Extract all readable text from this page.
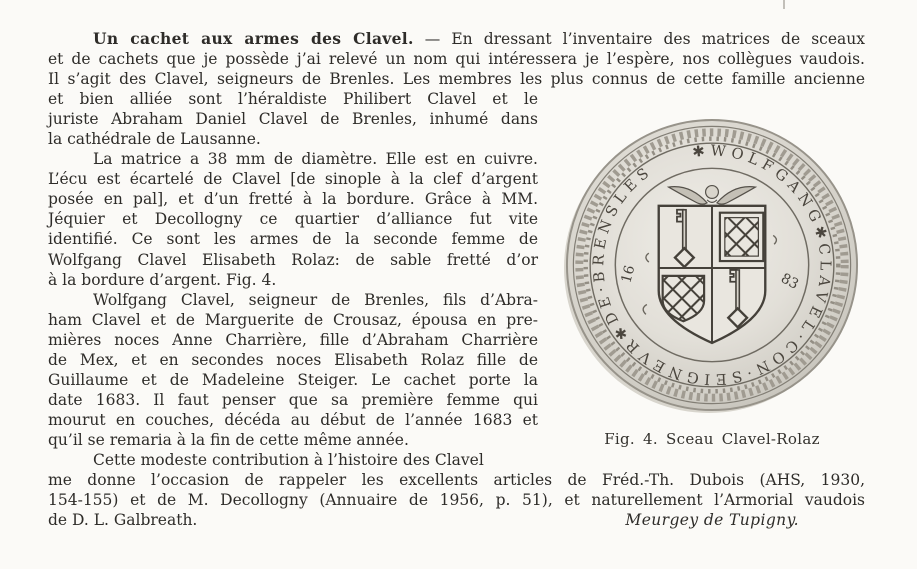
Un cachet aux armes des Clavel. — En dressant l’inventaire des matrices de sceaux
et de cachets que je possède j’ai relevé un nom qui intéressera je l’espère, nos collègues vaudois.
Il s’agit des Clavel, seigneurs de Brenles. Les membres les plus connus de cette famille ancienne
et bien alliée sont l’héraldiste Philibert Clavel et le
juriste Abraham Daniel Clavel de Brenles, inhumé dans
la cathédrale de Lausanne.
La matrice a 38 mm de diamètre. Elle est en cuivre.
L’écu est écartelé de Clavel [de sinople à la clef d’argent
posée en pal], et d’un fretté à la bordure. Grâce à MM.
Jéquier et Decollogny ce quartier d’alliance fut vite
identifié. Ce sont les armes de la seconde femme de
Wolfgang Clavel Elisabeth Rolaz: de sable fretté d’or
à la bordure d’argent. Fig. 4.
Wolfgang Clavel, seigneur de Brenles, fils d’Abra-
ham Clavel et de Marguerite de Crousaz, épousa en pre-
mières noces Anne Charrière, fille d’Abraham Charrière
de Mex, et en secondes noces Elisabeth Rolaz fille de
Guillaume et de Madeleine Steiger. Le cachet porte la
date 1683. Il faut penser que sa première femme qui
mourut en couches, décéda au début de l’année 1683 et
qu’il se remaria à la fin de cette même année.
Cette modeste contribution à l’histoire des Clavel
me donne l’occasion de rappeler les excellents articles de Fréd.-Th. Dubois (AHS, 1930,
154-155) et de M. Decollogny (Annuaire de 1956, p. 51), et naturellement l’Armorial vaudois
de D. L. Galbreath.	Meurgey de Tupigny.
✱WOLFGANG✱CLAVEL·CON·SEIGNEVR✱DE·BRENSLES
16	83
Fig. 4. Sceau Clavel-Rolaz
